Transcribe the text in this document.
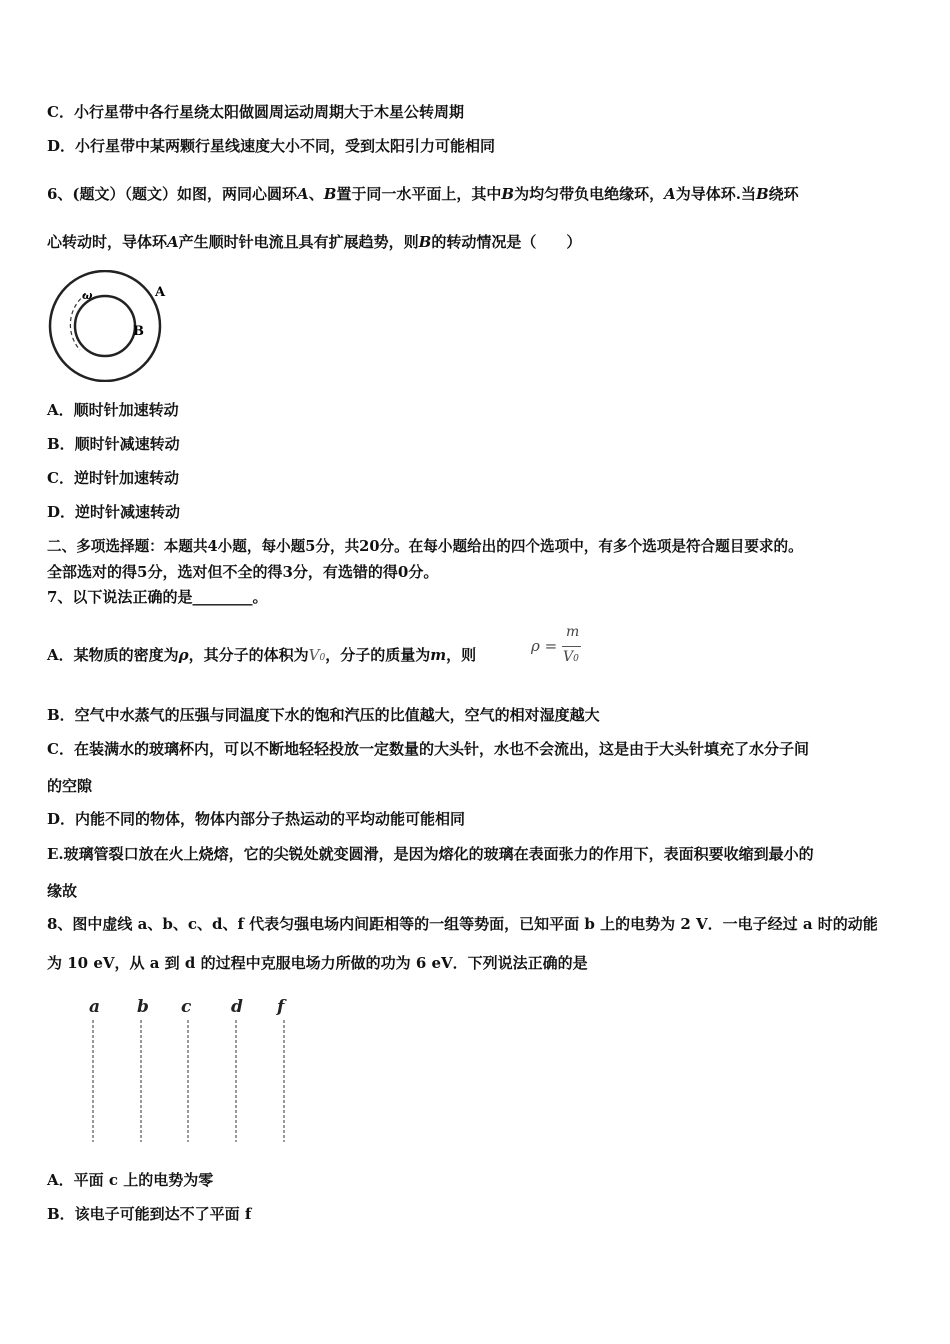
C．小行星带中各行星绕太阳做圆周运动周期大于木星公转周期
D．小行星带中某两颗行星线速度大小不同，受到太阳引力可能相同
6、(题文）（题文）如图，两同心圆环A、B置于同一水平面上，其中B为均匀带负电绝缘环，A为导体环.当B绕环
心转动时，导体环A产生顺时针电流且具有扩展趋势，则B的转动情况是（　　）
ω	A
B
A．顺时针加速转动
B．顺时针减速转动
C．逆时针加速转动
D．逆时针减速转动
二、多项选择题：本题共4小题，每小题5分，共20分。在每小题给出的四个选项中，有多个选项是符合题目要求的。
全部选对的得5分，选对但不全的得3分，有选错的得0分。
7、以下说法正确的是________。
A．某物质的密度为ρ，其分子的体积为V0，分子的质量为m，则	ρ =
m
V0
B．空气中水蒸气的压强与同温度下水的饱和汽压的比值越大，空气的相对湿度越大
C．在装满水的玻璃杯内，可以不断地轻轻投放一定数量的大头针，水也不会流出，这是由于大头针填充了水分子间
的空隙
D．内能不同的物体，物体内部分子热运动的平均动能可能相同
E.玻璃管裂口放在火上烧熔，它的尖锐处就变圆滑，是因为熔化的玻璃在表面张力的作用下，表面积要收缩到最小的
缘故
8、图中虚线 a、b、c、d、f 代表匀强电场内间距相等的一组等势面，已知平面 b 上的电势为 2 V．一电子经过 a 时的动能
为 10 eV，从 a 到 d 的过程中克服电场力所做的功为 6 eV．下列说法正确的是
a b c d f
A．平面 c 上的电势为零
B．该电子可能到达不了平面 f
